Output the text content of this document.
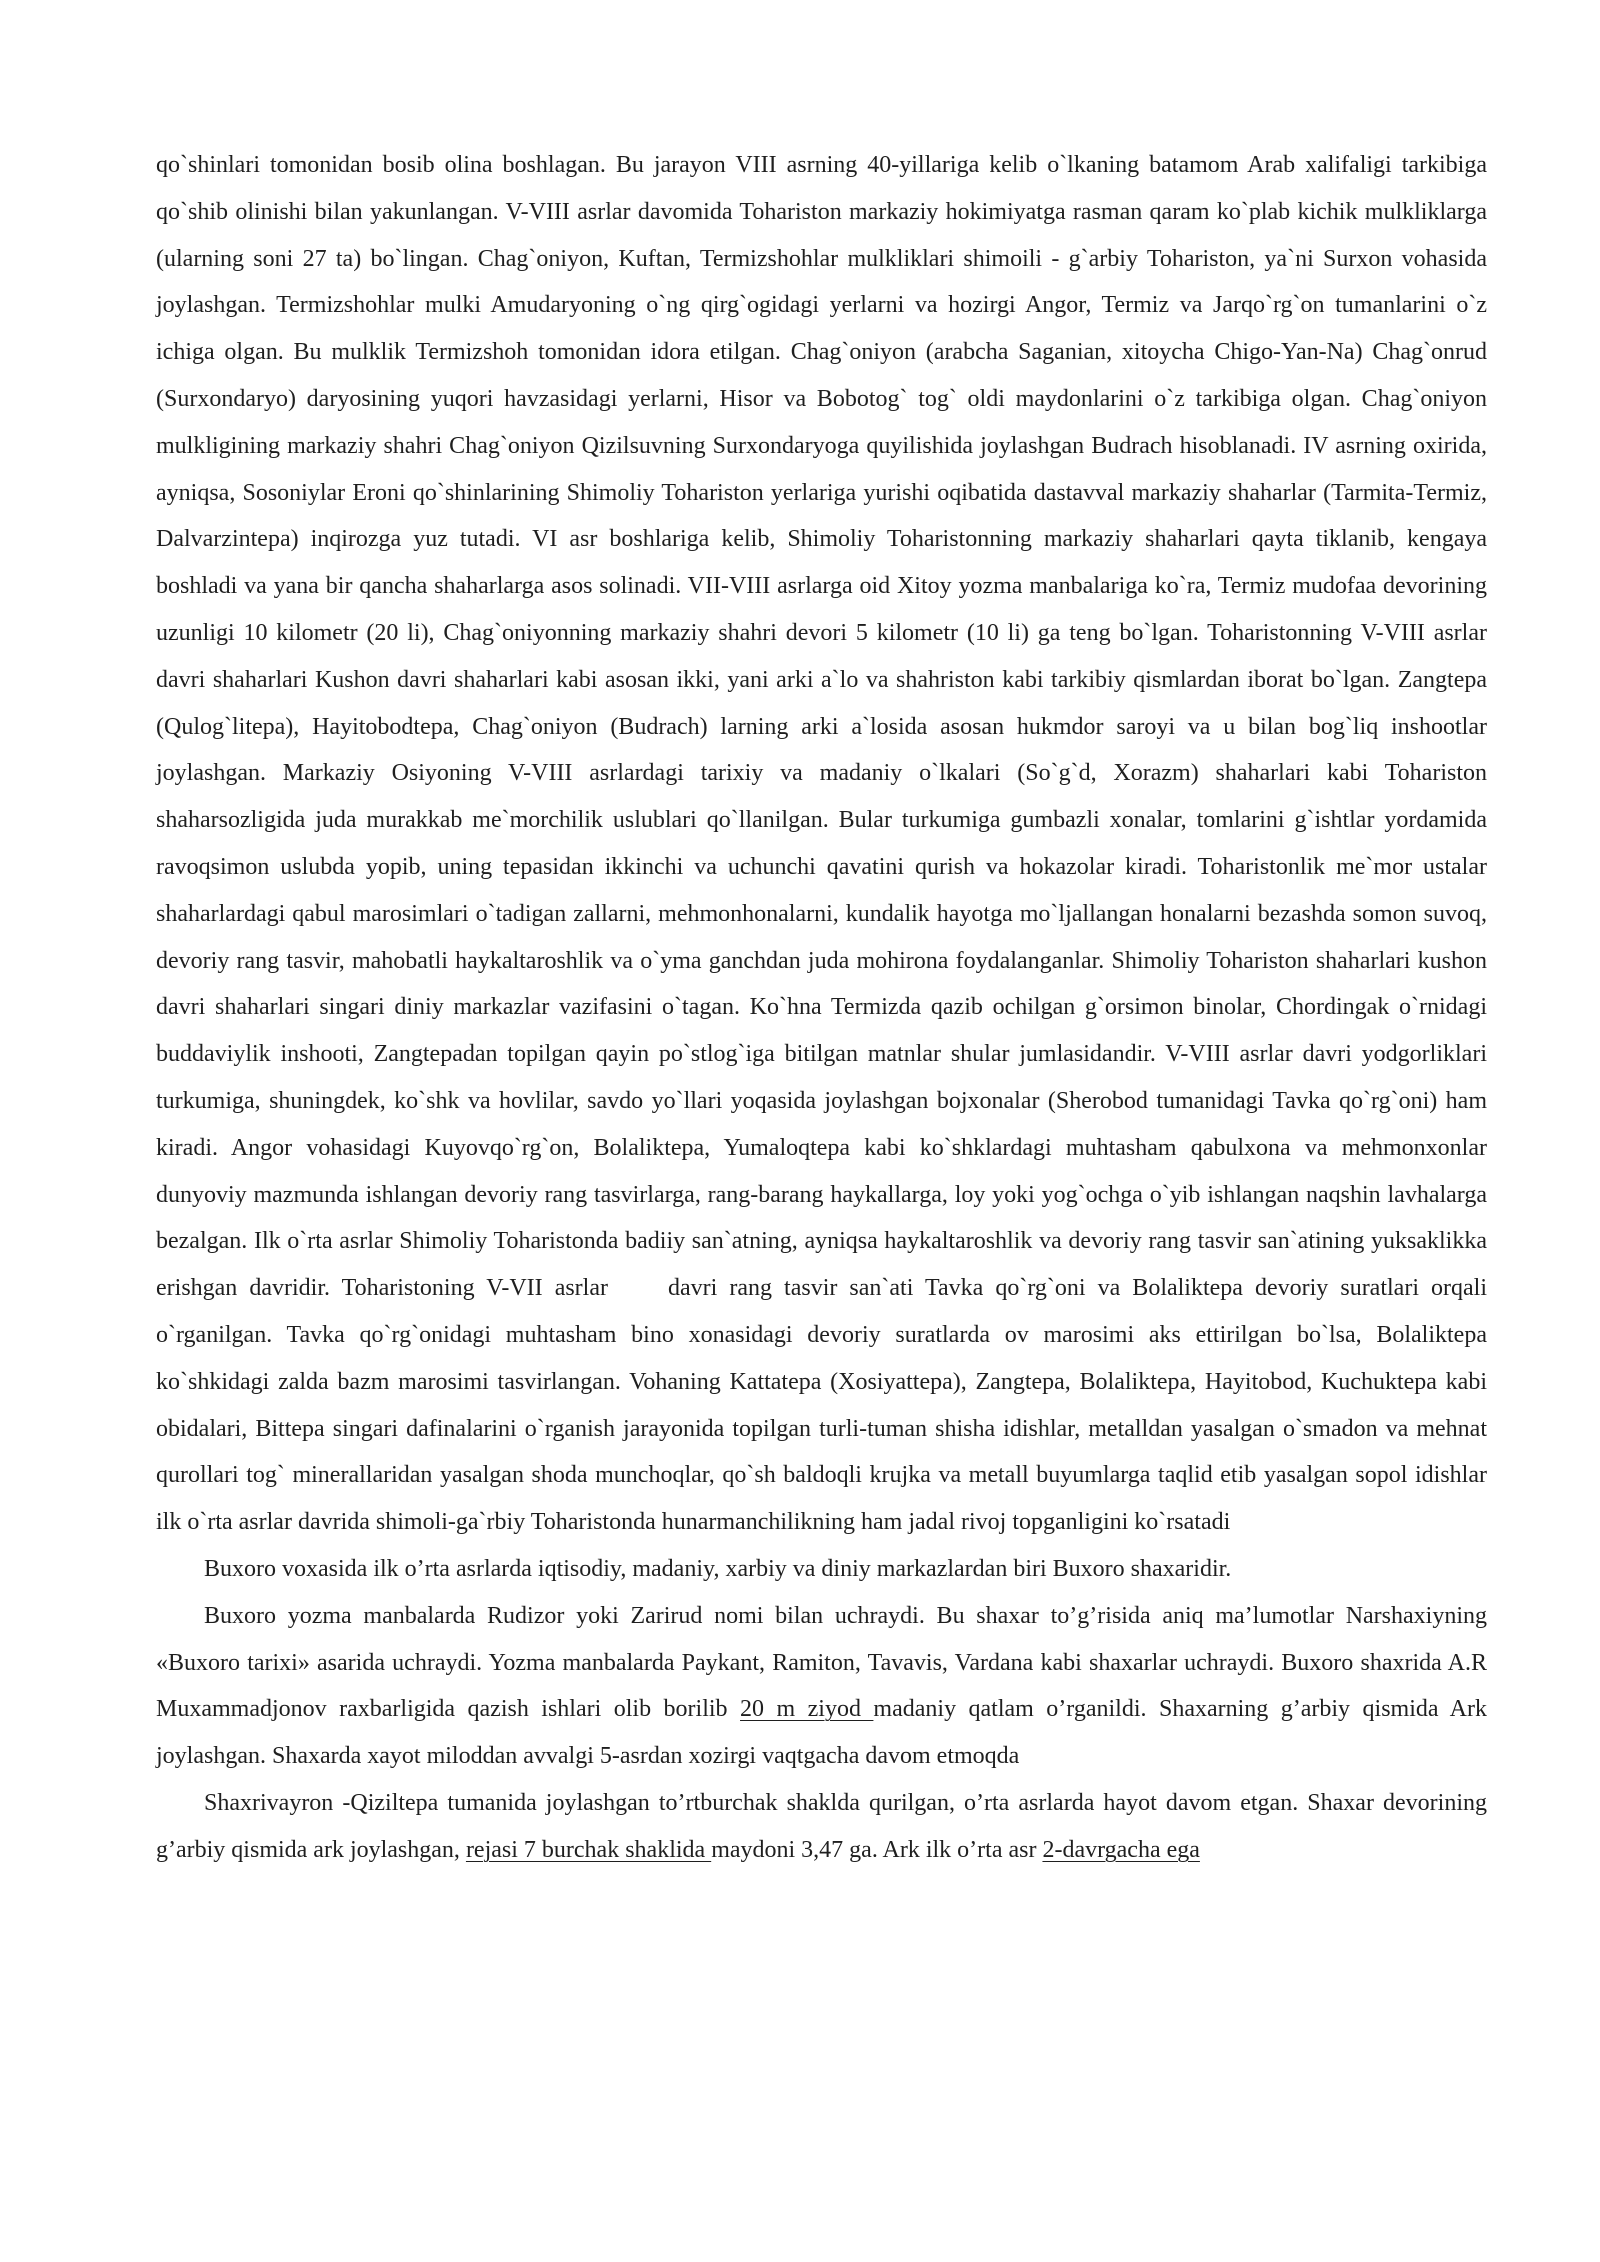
qo`shinlari tomonidan bosib olina boshlagan. Bu jarayon VIII asrning 40-yillariga kelib o`lkaning batamom Arab xalifaligi tarkibiga qo`shib olinishi bilan yakunlangan. V-VIII asrlar davomida Toharistоn markaziy hokimiyatga rasman qaram ko`plab kichik mulkliklarga (ularning soni 27 ta) bo`lingan. Chag`oniyon, Kuftan, Termizshohlar mulkliklari shimoili - g`arbiy Toharistоn, ya`ni Surxon vohasida joylashgan. Termizshohlar mulki Amudaryoning o`ng qirg`ogidagi yerlarni va hozirgi Angor, Termiz va Jarqo`rg`on tumanlarini o`z ichiga olgan. Bu mulklik Termizshoh tomonidan idora etilgan. Chag`oniyon (arabcha Saganian, xitoycha Chigo-Yan-Na) Chag`onrud (Surxondaryo) daryosining yuqori havzasidagi yerlarni, Hisor va Bobotog` tog` oldi maydonlarini o`z tarkibiga olgan. Chag`oniyon mulkligining markaziy shahri Chag`oniyon Qizilsuvning Surxondaryoga quyilishida joylashgan Budrach hisoblanadi. IV asrning oxirida, ayniqsa, Sosoniylar Eroni qo`shinlarining Shimoliy Toharistоn yerlariga yurishi oqibatida dastavval markaziy shaharlar (Tarmita-Termiz, Dalvarzintepa) inqirozga yuz tutadi. VI asr boshlariga kelib, Shimoliy Toharistоnning markaziy shaharlari qayta tiklanib, kengaya boshladi va yana bir qancha shaharlarga asos solinadi. VII-VIII asrlarga oid Xitoy yozma manbalariga ko`ra, Termiz mudofaa devorining uzunligi 10 kilometr (20 li), Chag`oniyonning markaziy shahri devori 5 kilometr (10 li) ga teng bo`lgan. Toharistоnning V-VIII asrlar davri shaharlari Kushon davri shaharlari kabi asosan ikki, yani arki a`lo va shahriston kabi tarkibiy qismlardan iborat bo`lgan. Zangtepa (Qulog`litepa), Hayitobodtepa, Chag`oniyon (Budrach) larning arki a`losida asosan hukmdor saroyi va u bilan bog`liq inshootlar joylashgan. Markaziy Osiyoning V-VIII asrlardagi tarixiy va madaniy o`lkalari (So`g`d, Xorazm) shaharlari kabi Toharistоn shaharsozligida juda murakkab me`morchilik uslublari qo`llanilgan. Bular turkumiga gumbazli xonalar, tomlarini g`ishtlar yordamida ravoqsimon uslubda yopib, uning tepasidan ikkinchi va uchunchi qavatini qurish va hokazolar kiradi. Toharistоnlik me`mor ustalar shaharlardagi qabul marosimlari o`tadigan zallarni, mehmonhonalarni, kundalik hayotga mo`ljallangan honalarni bezashda somon suvoq, devoriy rang tasvir, mahobatli haykaltaroshlik va o`yma ganchdan juda mohirona foydalanganlar. Shimoliy Toharistоn shaharlari kushon davri shaharlari singari diniy markazlar vazifasini o`tagan. Ko`hna Termizda qazib ochilgan g`orsimon binolar, Chordingak o`rnidagi buddaviylik inshooti, Zangtepadan topilgan qayin po`stlog`iga bitilgan matnlar shular jumlasidandir. V-VIII asrlar davri yodgorliklari turkumiga, shuningdek, ko`shk va hovlilar, savdo yo`llari yoqasida joylashgan bojxonalar (Sherobod tumanidagi Tavka qo`rg`oni) ham kiradi. Angor vohasidagi Kuyovqo`rg`on, Bolaliktepa, Yumaloqtepa kabi ko`shklardagi muhtasham qabulxona va mehmonxonlar dunyoviy mazmunda ishlangan devoriy rang tasvirlarga, rang-barang haykallarga, loy yoki yog`ochga o`yib ishlangan naqshin lavhalarga bezalgan. Ilk o`rta asrlar Shimoliy Toharistondа badiiy san`atning, ayniqsa haykaltaroshlik va devoriy rang tasvir san`atining yuksaklikka erishgan davridir. Toharistоning V-VII asrlar	davri rang tasvir san`ati Tavka qo`rg`oni va Bolaliktepa devoriy suratlari orqali o`rganilgan. Tavka qo`rg`onidagi muhtasham bino xonasidagi devoriy suratlarda ov marosimi aks ettirilgan bo`lsa, Bolaliktepa ko`shkidagi zalda bazm marosimi tasvirlangan. Vohaning Kattatepa (Xosiyattepa), Zangtepa, Bolaliktepa, Hayitobod, Kuchuktepa kabi obidalari, Bittepa singari dafinalarini o`rganish jarayonida topilgan turli-tuman shisha idishlar, metalldan yasalgan o`smadon va mehnat qurollari tog` minerallaridan yasalgan shoda munchoqlar, qo`sh baldoqli krujka va metall buyumlarga taqlid etib yasalgan sopol idishlar ilk o`rta asrlar davrida shimoli-ga`rbiy Toharistonda hunarmanchilikning ham jadal rivoj topganligini ko`rsatadi

Buxoro voxasida ilk o’rta asrlarda iqtisodiy, madaniy, xarbiy va diniy markazlardan biri Buxoro shaxaridir.

Buxoro yozma manbalarda Rudizor yoki Zarirud nomi bilan uchraydi. Bu shaxar to’g’risida aniq ma’lumotlar Narshaxiyning «Buxoro tarixi» asarida uchraydi. Yozma manbalarda Paykant, Ramiton, Tavavis, Vardana kabi shaxarlar uchraydi. Buxoro shaxrida A.R Muxammadjonov raxbarligida qazish ishlari olib borilib 20 m ziyod madaniy qatlam o’rganildi. Shaxarning g’arbiy qismida Ark joylashgan. Shaxarda xayot miloddan avvalgi 5-asrdan xozirgi vaqtgacha davom etmoqda

Shaxrivayron -Qiziltepa tumanida joylashgan to’rtburchak shaklda qurilgan, o’rta asrlarda hayot davom etgan. Shaxar devorining g’arbiy qismida ark joylashgan, rejasi 7 burchak shaklida maydoni 3,47 ga. Ark ilk o’rta asr 2-davrgacha ega
